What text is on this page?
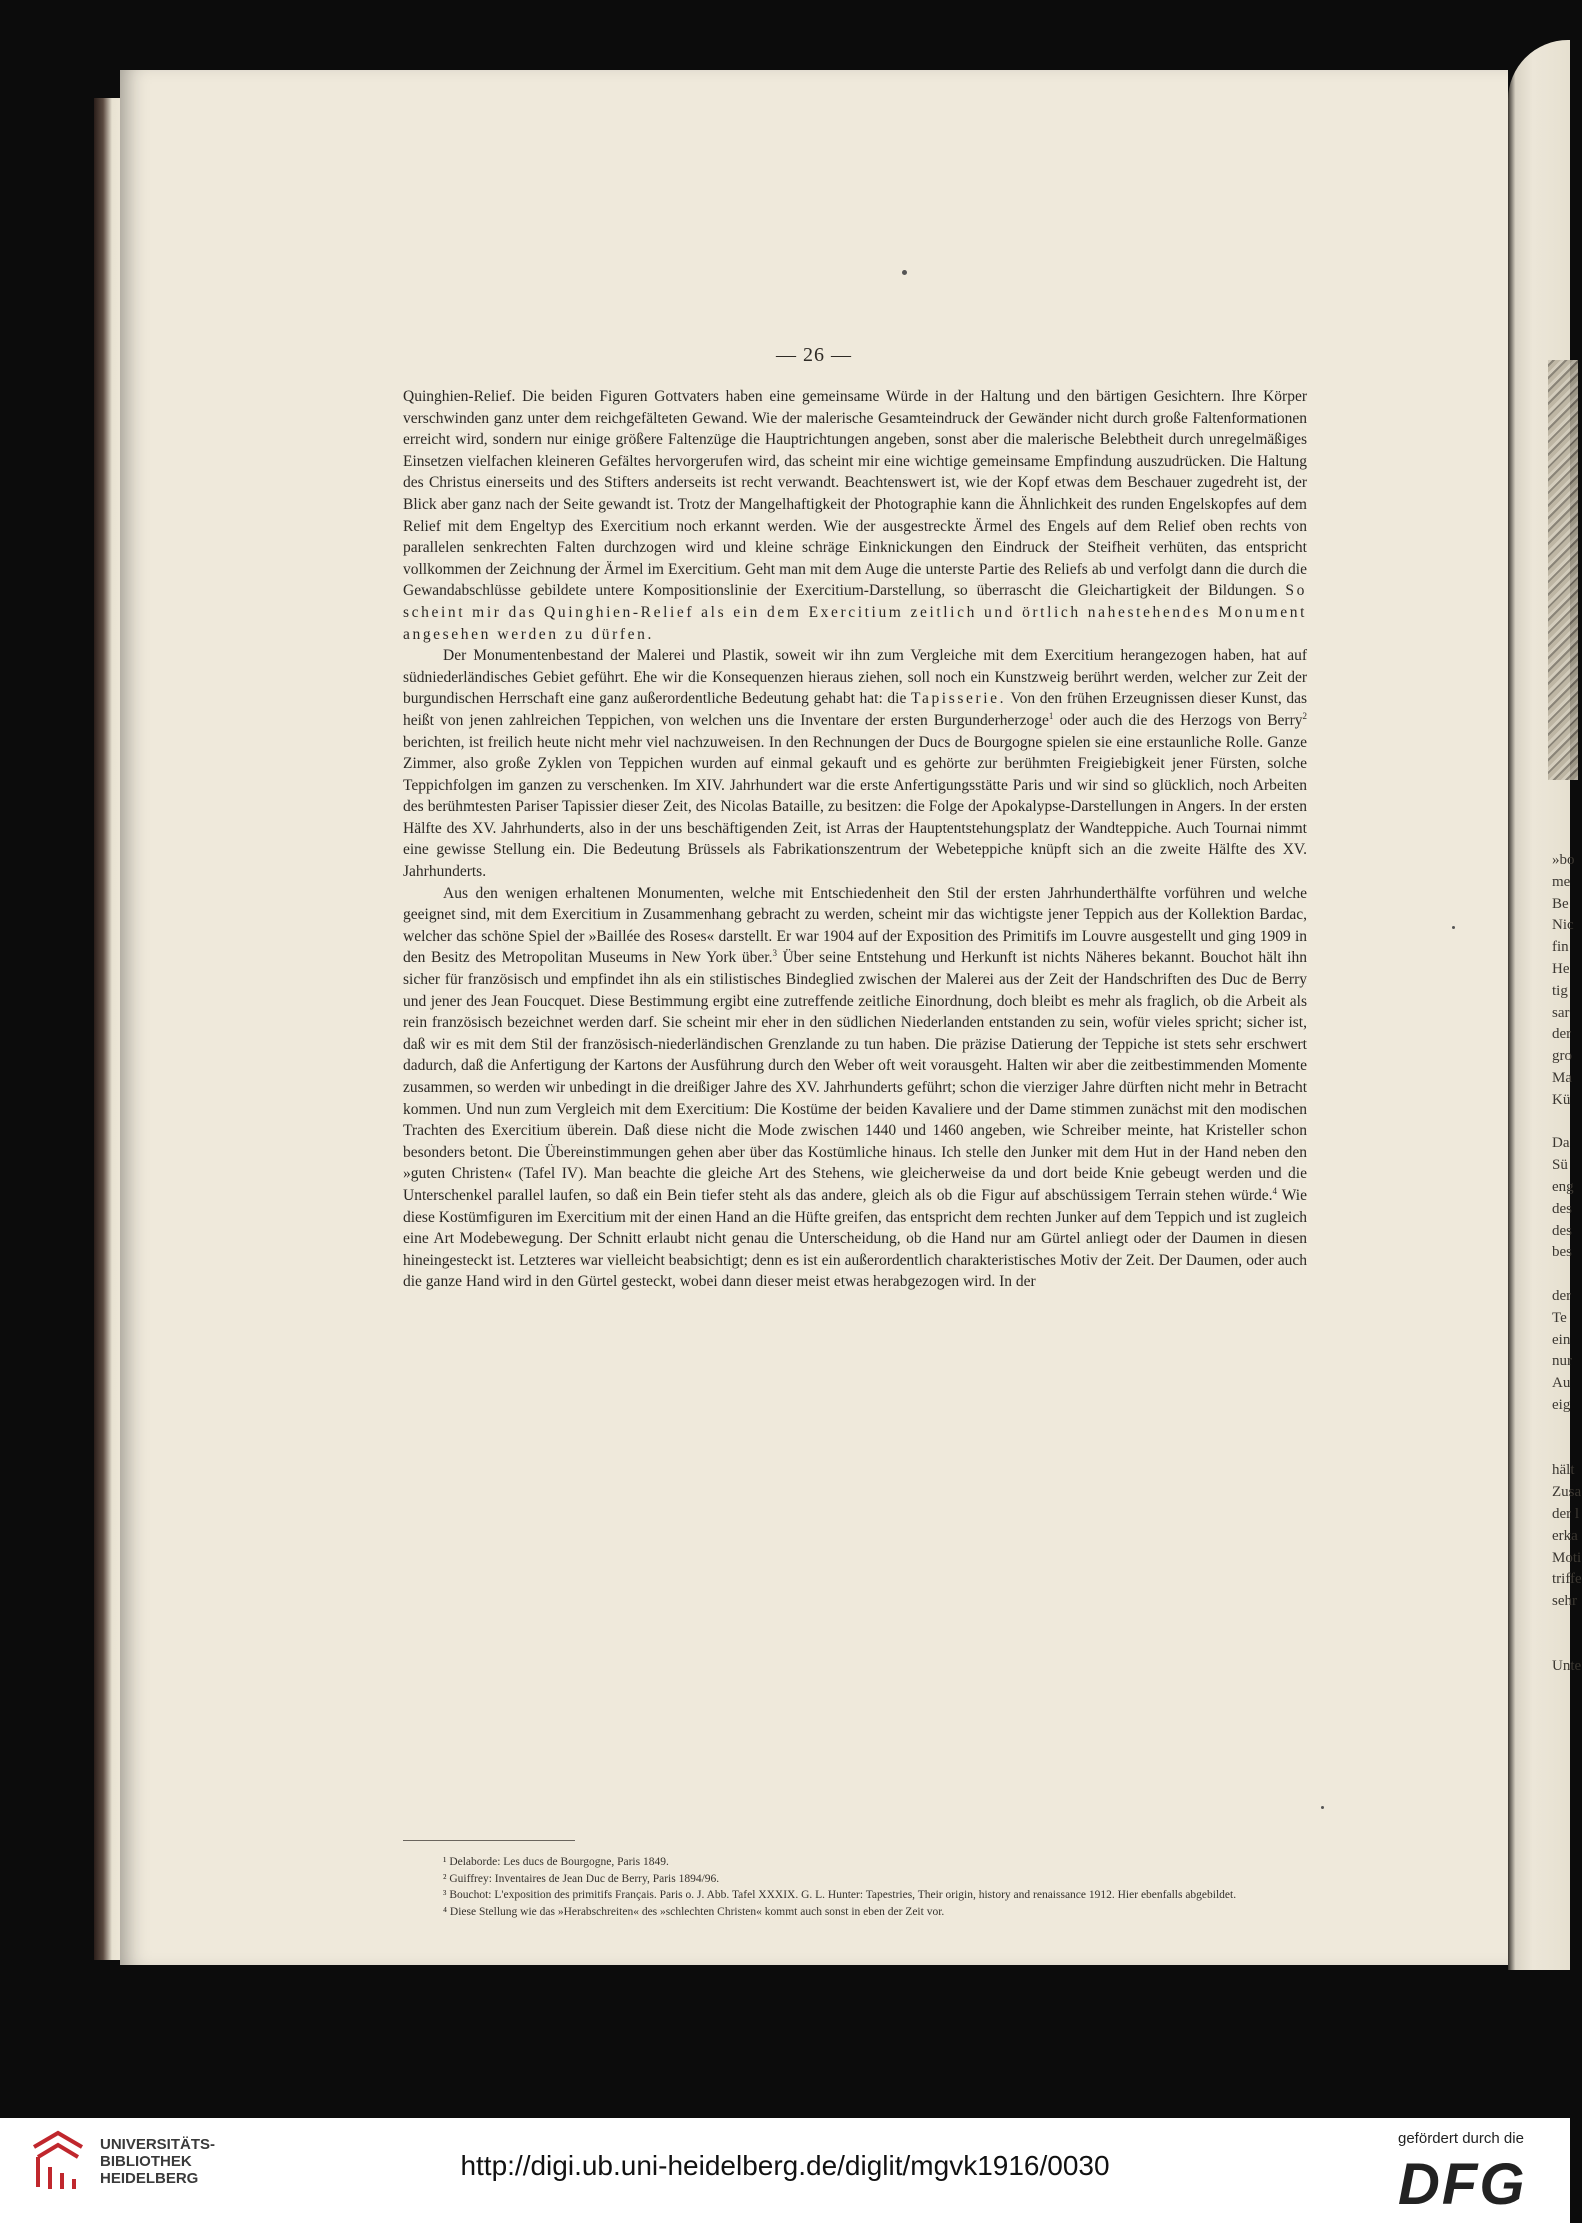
»bo
me
Be
Nic
fin
He
tig
sar
der
gro
Ma
Kü
Da
Sü
eng
des
des
bes
der
Te
ein
nur
Au
eig
hält
Zusa
der l
erka
Moti
triffe
sehr
Unte
— 26 —

Quinghien-Relief. Die beiden Figuren Gottvaters haben eine gemeinsame Würde in der Haltung und den bärtigen Gesichtern. Ihre Körper verschwinden ganz unter dem reichgefälteten Gewand. Wie der malerische Gesamteindruck der Gewänder nicht durch große Faltenformationen erreicht wird, sondern nur einige größere Faltenzüge die Hauptrichtungen angeben, sonst aber die malerische Belebtheit durch unregelmäßiges Einsetzen vielfachen kleineren Gefältes hervorgerufen wird, das scheint mir eine wichtige gemeinsame Empfindung auszudrücken. Die Haltung des Christus einerseits und des Stifters anderseits ist recht verwandt. Beachtenswert ist, wie der Kopf etwas dem Beschauer zugedreht ist, der Blick aber ganz nach der Seite gewandt ist. Trotz der Mangelhaftigkeit der Photographie kann die Ähnlichkeit des runden Engelskopfes auf dem Relief mit dem Engeltyp des Exercitium noch erkannt werden. Wie der ausgestreckte Ärmel des Engels auf dem Relief oben rechts von parallelen senkrechten Falten durchzogen wird und kleine schräge Einknickungen den Eindruck der Steifheit verhüten, das entspricht vollkommen der Zeichnung der Ärmel im Exercitium. Geht man mit dem Auge die unterste Partie des Reliefs ab und verfolgt dann die durch die Gewandabschlüsse gebildete untere Kompositionslinie der Exercitium-Darstellung, so überrascht die Gleichartigkeit der Bildungen. So scheint mir das Quinghien-Relief als ein dem Exercitium zeitlich und örtlich nahestehendes Monument angesehen werden zu dürfen.

Der Monumentenbestand der Malerei und Plastik, soweit wir ihn zum Vergleiche mit dem Exercitium herangezogen haben, hat auf südniederländisches Gebiet geführt. Ehe wir die Konsequenzen hieraus ziehen, soll noch ein Kunstzweig berührt werden, welcher zur Zeit der burgundischen Herrschaft eine ganz außerordentliche Bedeutung gehabt hat: die Tapisserie. Von den frühen Erzeugnissen dieser Kunst, das heißt von jenen zahlreichen Teppichen, von welchen uns die Inventare der ersten Burgunderherzoge$^1$ oder auch die des Herzogs von Berry$^2$ berichten, ist freilich heute nicht mehr viel nachzuweisen. In den Rechnungen der Ducs de Bourgogne spielen sie eine erstaunliche Rolle. Ganze Zimmer, also große Zyklen von Teppichen wurden auf einmal gekauft und es gehörte zur berühmten Freigiebigkeit jener Fürsten, solche Teppichfolgen im ganzen zu verschenken. Im XIV. Jahrhundert war die erste Anfertigungsstätte Paris und wir sind so glücklich, noch Arbeiten des berühmtesten Pariser Tapissier dieser Zeit, des Nicolas Bataille, zu besitzen: die Folge der Apokalypse-Darstellungen in Angers. In der ersten Hälfte des XV. Jahrhunderts, also in der uns beschäftigenden Zeit, ist Arras der Hauptentstehungsplatz der Wandteppiche. Auch Tournai nimmt eine gewisse Stellung ein. Die Bedeutung Brüssels als Fabrikationszentrum der Webeteppiche knüpft sich an die zweite Hälfte des XV. Jahrhunderts.

Aus den wenigen erhaltenen Monumenten, welche mit Entschiedenheit den Stil der ersten Jahrhunderthälfte vorführen und welche geeignet sind, mit dem Exercitium in Zusammenhang gebracht zu werden, scheint mir das wichtigste jener Teppich aus der Kollektion Bardac, welcher das schöne Spiel der »Baillée des Roses« darstellt. Er war 1904 auf der Exposition des Primitifs im Louvre ausgestellt und ging 1909 in den Besitz des Metropolitan Museums in New York über.$^3$ Über seine Entstehung und Herkunft ist nichts Näheres bekannt. Bouchot hält ihn sicher für französisch und empfindet ihn als ein stilistisches Bindeglied zwischen der Malerei aus der Zeit der Handschriften des Duc de Berry und jener des Jean Foucquet. Diese Bestimmung ergibt eine zutreffende zeitliche Einordnung, doch bleibt es mehr als fraglich, ob die Arbeit als rein französisch bezeichnet werden darf. Sie scheint mir eher in den südlichen Niederlanden entstanden zu sein, wofür vieles spricht; sicher ist, daß wir es mit dem Stil der französisch-niederländischen Grenzlande zu tun haben. Die präzise Datierung der Teppiche ist stets sehr erschwert dadurch, daß die Anfertigung der Kartons der Ausführung durch den Weber oft weit vorausgeht. Halten wir aber die zeitbestimmenden Momente zusammen, so werden wir unbedingt in die dreißiger Jahre des XV. Jahrhunderts geführt; schon die vierziger Jahre dürften nicht mehr in Betracht kommen. Und nun zum Vergleich mit dem Exercitium: Die Kostüme der beiden Kavaliere und der Dame stimmen zunächst mit den modischen Trachten des Exercitium überein. Daß diese nicht die Mode zwischen 1440 und 1460 angeben, wie Schreiber meinte, hat Kristeller schon besonders betont. Die Übereinstimmungen gehen aber über das Kostümliche hinaus. Ich stelle den Junker mit dem Hut in der Hand neben den »guten Christen« (Tafel IV). Man beachte die gleiche Art des Stehens, wie gleicherweise da und dort beide Knie gebeugt werden und die Unterschenkel parallel laufen, so daß ein Bein tiefer steht als das andere, gleich als ob die Figur auf abschüssigem Terrain stehen würde.$^4$ Wie diese Kostümfiguren im Exercitium mit der einen Hand an die Hüfte greifen, das entspricht dem rechten Junker auf dem Teppich und ist zugleich eine Art Modebewegung. Der Schnitt erlaubt nicht genau die Unterscheidung, ob die Hand nur am Gürtel anliegt oder der Daumen in diesen hineingesteckt ist. Letzteres war vielleicht beabsichtigt; denn es ist ein außerordentlich charakteristisches Motiv der Zeit. Der Daumen, oder auch die ganze Hand wird in den Gürtel gesteckt, wobei dann dieser meist etwas herabgezogen wird. In der

¹ Delaborde: Les ducs de Bourgogne, Paris 1849.
² Guiffrey: Inventaires de Jean Duc de Berry, Paris 1894/96.
³ Bouchot: L'exposition des primitifs Français. Paris o. J. Abb. Tafel XXXIX. G. L. Hunter: Tapestries, Their origin, history and renaissance 1912. Hier ebenfalls abgebildet.
⁴ Diese Stellung wie das »Herabschreiten« des »schlechten Christen« kommt auch sonst in eben der Zeit vor.
UNIVERSITÄTS-
BIBLIOTHEK
HEIDELBERG	http://digi.ub.uni-heidelberg.de/diglit/mgvk1916/0030
gefördert durch die
DFG
